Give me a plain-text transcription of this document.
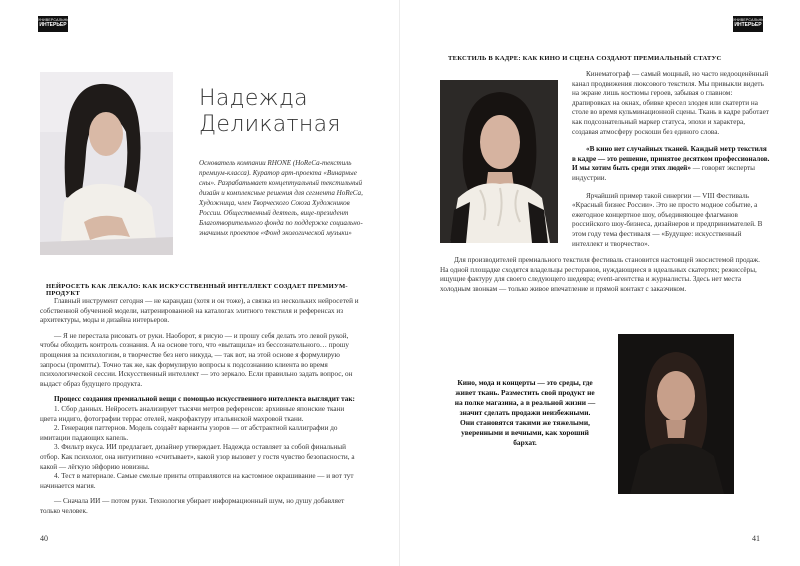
УНИВЕРСАЛЬНЫЙ
ИНТЕРЬЕР
Надежда
Деликатная
Основатель компании RHONE (HoReCa-текстиль премиум-класса). Куратор арт-проекта «Винарные сны». Разрабатывает концептуальный текстильный дизайн и комплексные решения для сегмента HoReCa, Художница, член Творческого Союза Художников России. Общественный деятель, вице-президент Благотворительного фонда по поддержке социально-значимых проектов «Фонд экологической музыки»
НЕЙРОСЕТЬ КАК ЛЕКАЛО: КАК ИСКУССТВЕННЫЙ ИНТЕЛЛЕКТ СОЗДАЕТ ПРЕМИУМ-ПРОДУКТ

Главный инструмент сегодня — не карандаш (хотя и он тоже), а связка из нескольких нейросетей и собственной обученной модели, натренированной на каталогах элитного текстиля и референсах из архитектуры, моды и дизайна интерьеров.

— Я не перестала рисовать от руки. Наоборот, я рисую — и прошу себя делать это левой рукой, чтобы обходить контроль сознания. А на основе того, что «вытащила» из бессознательного… прошу прощения за психологизм, в творчестве без него никуда, — так вот, на этой основе я формулирую запросы (промпты). Точно так же, как формулирую вопросы к подсознанию клиента во время психологической сессии. Искусственный интеллект — это зеркало. Если правильно задать вопрос, он выдаст образ будущего продукта.

Процесс создания премиальной вещи с помощью искусственного интеллекта выглядит так:

1. Сбор данных. Нейросеть анализирует тысячи метров референсов: архивные японские ткани цвета индиго, фотографии террас отелей, макрофактуру итальянской махровой ткани.

2. Генерация паттернов. Модель создаёт варианты узоров — от абстрактной каллиграфии до имитации падающих капель.

3. Фильтр вкуса. ИИ предлагает, дизайнер утверждает. Надежда оставляет за собой финальный отбор. Как психолог, она интуитивно «считывает», какой узор вызовет у гостя чувство безопасности, а какой — лёгкую эйфорию новизны.

4. Тест в материале. Самые смелые принты отправляются на кастомное окрашивание — и вот тут начинается магия.

— Сначала ИИ — потом руки. Технология убирает информационный шум, но душу добавляет только человек.

40
УНИВЕРСАЛЬНЫЙ
ИНТЕРЬЕР
ТЕКСТИЛЬ В КАДРЕ: КАК КИНО И СЦЕНА СОЗДАЮТ ПРЕМИАЛЬНЫЙ СТАТУС

Кинематограф — самый мощный, но часто недооценённый канал продвижения люксового текстиля. Мы привыкли видеть на экране лишь костюмы героев, забывая о главном: драпировках на окнах, обивке кресел злодея или скатерти на столе во время кульминационной сцены. Ткань в кадре работает как подсознательный маркер статуса, эпохи и характера, создавая атмосферу роскоши без единого слова.

«В кино нет случайных тканей. Каждый метр текстиля в кадре — это решение, принятое десятком профессионалов. И мы хотим быть среди этих людей» — говорят эксперты индустрии.

Ярчайший пример такой синергии — VIII Фестиваль «Красный бизнес России». Это не просто модное событие, а ежегодное концертное шоу, объединяющее флагманов российского шоу-бизнеса, дизайнеров и предпринимателей. В этом году тема фестиваля — «Будущее: искусственный интеллект и творчество».

Для производителей премиального текстиля фестиваль становится настоящей экосистемой продаж. На одной площадке сходятся владельцы ресторанов, нуждающиеся в идеальных скатертях; режиссёры, ищущие фактуру для своего следующего шедевра; event-агентства и журналисты. Здесь нет места холодным звонкам — только живое впечатление и прямой контакт с заказчиком.

Кино, мода и концерты — это среды, где живет ткань. Разместить свой продукт не на полке магазина, а в реальной жизни — значит сделать продажи неизбежными. Они становятся такими же тяжелыми, уверенными и вечными, как хороший бархат.
41
